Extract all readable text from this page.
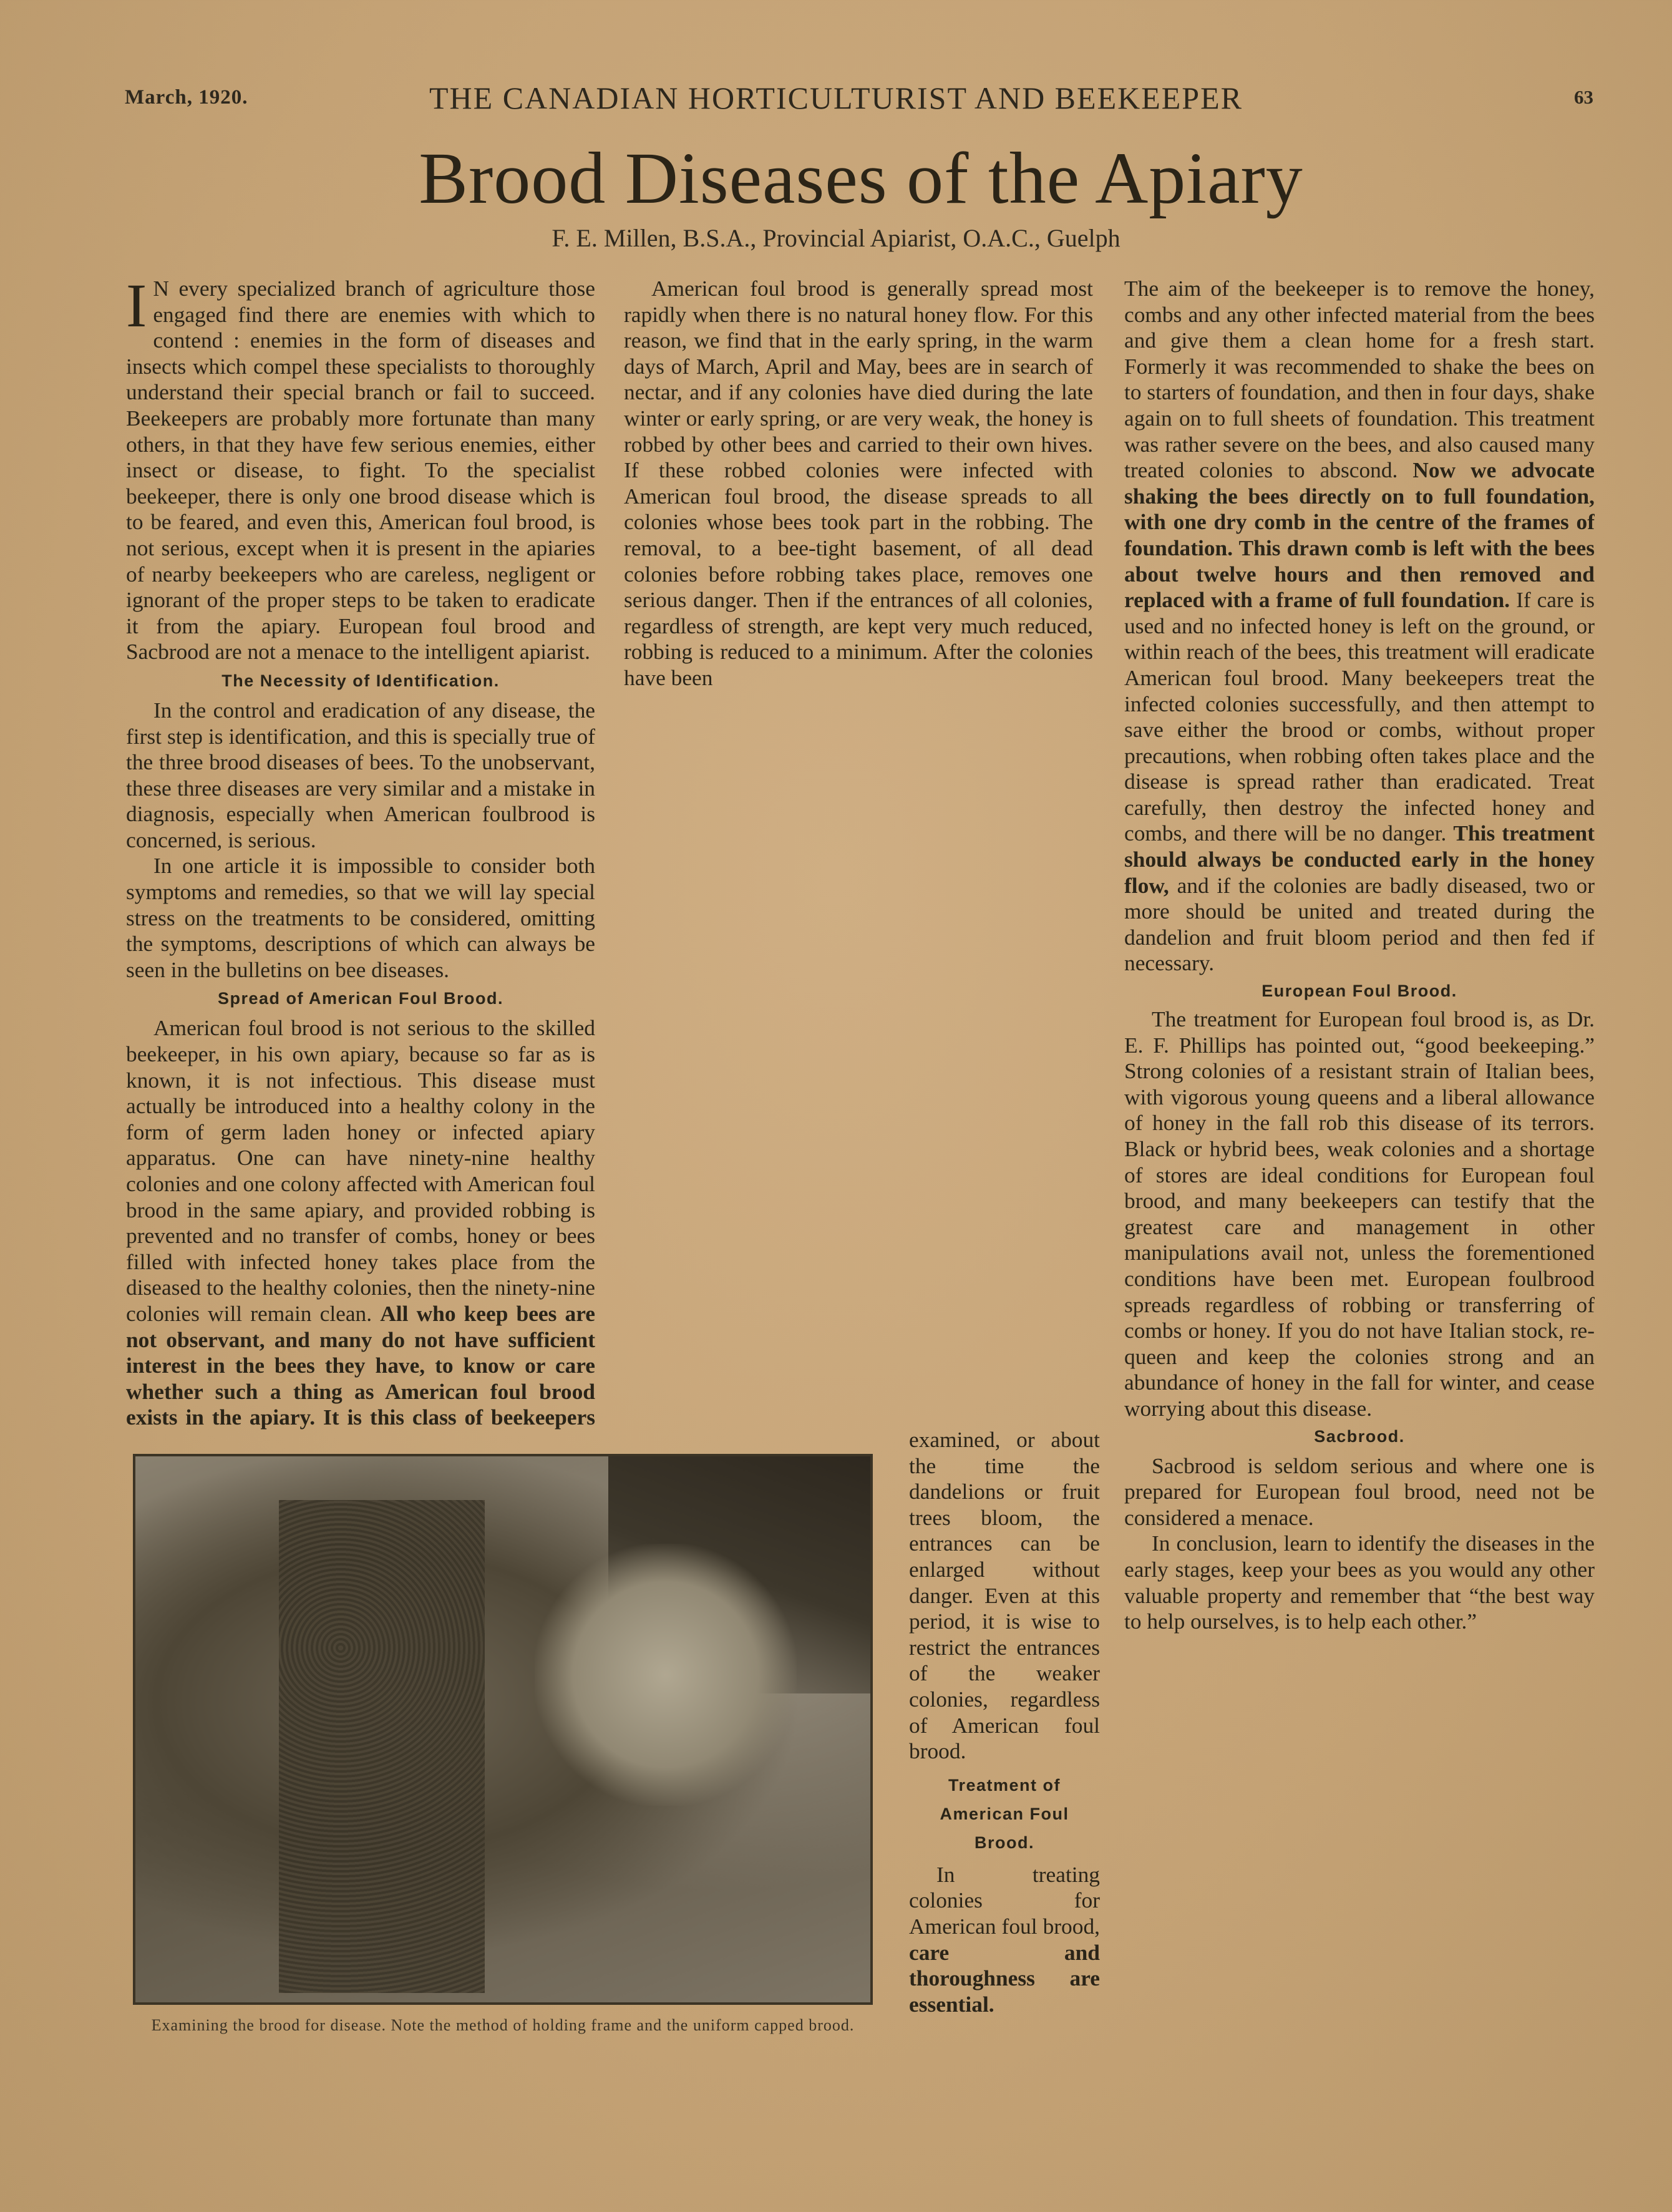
March, 1920.	THE CANADIAN HORTICULTURIST AND BEEKEEPER	63
Brood Diseases of the Apiary
F. E. Millen, B.S.A., Provincial Apiarist, O.A.C., Guelph

I N every specialized branch of agriculture those engaged find there are enemies with which to contend : enemies in the form of diseases and insects which compel these specialists to thoroughly understand their special branch or fail to succeed. Beekeepers are probably more fortunate than many others, in that they have few serious enemies, either insect or disease, to fight. To the specialist beekeeper, there is only one brood disease which is to be feared, and even this, American foul brood, is not serious, except when it is present in the apiaries of nearby beekeepers who are careless, negligent or ignorant of the proper steps to be taken to eradicate it from the apiary. European foul brood and Sacbrood are not a menace to the intelligent apiarist.

The Necessity of Identification.

In the control and eradication of any disease, the first step is identification, and this is specially true of the three brood diseases of bees. To the unobservant, these three diseases are very similar and a mistake in diagnosis, especially when American foulbrood is concerned, is serious.

In one article it is impossible to consider both symptoms and remedies, so that we will lay special stress on the treatments to be considered, omitting the symptoms, descriptions of which can always be seen in the bulletins on bee diseases.

Spread of American Foul Brood.

American foul brood is not serious to the skilled beekeeper, in his own apiary, because so far as is known, it is not infectious. This disease must actually be introduced into a healthy colony in the form of germ laden honey or infected apiary apparatus. One can have ninety-nine healthy colonies and one colony affected with American foul brood in the same apiary, and provided robbing is prevented and no transfer of combs, honey or bees filled with infected honey takes place from the diseased to the healthy colonies, then the ninety-nine colonies will remain clean. All who keep bees are not observant, and many do not have sufficient interest in the bees they have, to know or care whether such a thing as American foul brood exists in the apiary. It is this class of beekeepers

The aim of the beekeeper is to remove the honey, combs and any other infected material from the bees and give them a clean home for a fresh start. Formerly it was recommended to shake the bees on to starters of foundation, and then in four days, shake again on to full sheets of foundation. This treatment was rather severe on the bees, and also caused many treated colonies to abscond. Now we advocate shaking the bees directly on to full foundation, with one dry comb in the centre of the frames of foundation. This drawn comb is left with the bees about twelve hours and then removed and replaced with a frame of full foundation. If care is used and no infected honey is left on the ground, or within reach of the bees, this treatment will eradicate American foul brood. Many beekeepers treat the infected colonies successfully, and then attempt to save either the brood or combs, without proper precautions, when robbing often takes place and the disease is spread rather than eradicated. Treat carefully, then destroy the infected honey and combs, and there will be no danger. This treatment should always be conducted early in the honey flow, and if the colonies are badly diseased, two or more should be united and treated during the dandelion and fruit bloom period and then fed if necessary.

European Foul Brood.

The treatment for European foul brood is, as Dr. E. F. Phillips has pointed out, “good beekeeping.” Strong colonies of a resistant strain of Italian bees, with vigorous young queens and a liberal allowance of honey in the fall rob this disease of its terrors. Black or hybrid bees, weak colonies and a shortage of stores are ideal conditions for European foul brood, and many beekeepers can testify that the greatest care and management in other manipulations avail not, unless the forementioned conditions have been met. European foulbrood spreads regardless of robbing or transferring of combs or honey. If you do not have Italian stock, re-queen and keep the colonies strong and an abundance of honey in the fall for winter, and cease worrying about this disease.

Sacbrood.

Sacbrood is seldom serious and where one is prepared for European foul brood, need not be considered a menace.

In conclusion, learn to identify the diseases in the early stages, keep your bees as you would any other valuable property and remember that “the best way to help ourselves, is to help each other.”

examined, or about the time the dandelions or fruit trees bloom, the entrances can be enlarged without danger. Even at this period, it is wise to restrict the entrances of the weaker colonies, regardless of American foul brood.

Treatment of American Foul Brood.

In treating colonies for American foul brood, care and thoroughness are essential.

American foul brood is generally spread most rapidly when there is no natural honey flow. For this reason, we find that in the early spring, in the warm days of March, April and May, bees are in search of nectar, and if any colonies have died during the late winter or early spring, or are very weak, the honey is robbed by other bees and carried to their own hives. If these robbed colonies were infected with American foul brood, the disease spreads to all colonies whose bees took part in the robbing. The removal, to a bee-tight basement, of all dead colonies before robbing takes place, removes one serious danger. Then if the entrances of all colonies, regardless of strength, are kept very much reduced, robbing is reduced to a minimum. After the colonies have been

Examining the brood for disease. Note the method of holding frame and the uniform capped brood.
